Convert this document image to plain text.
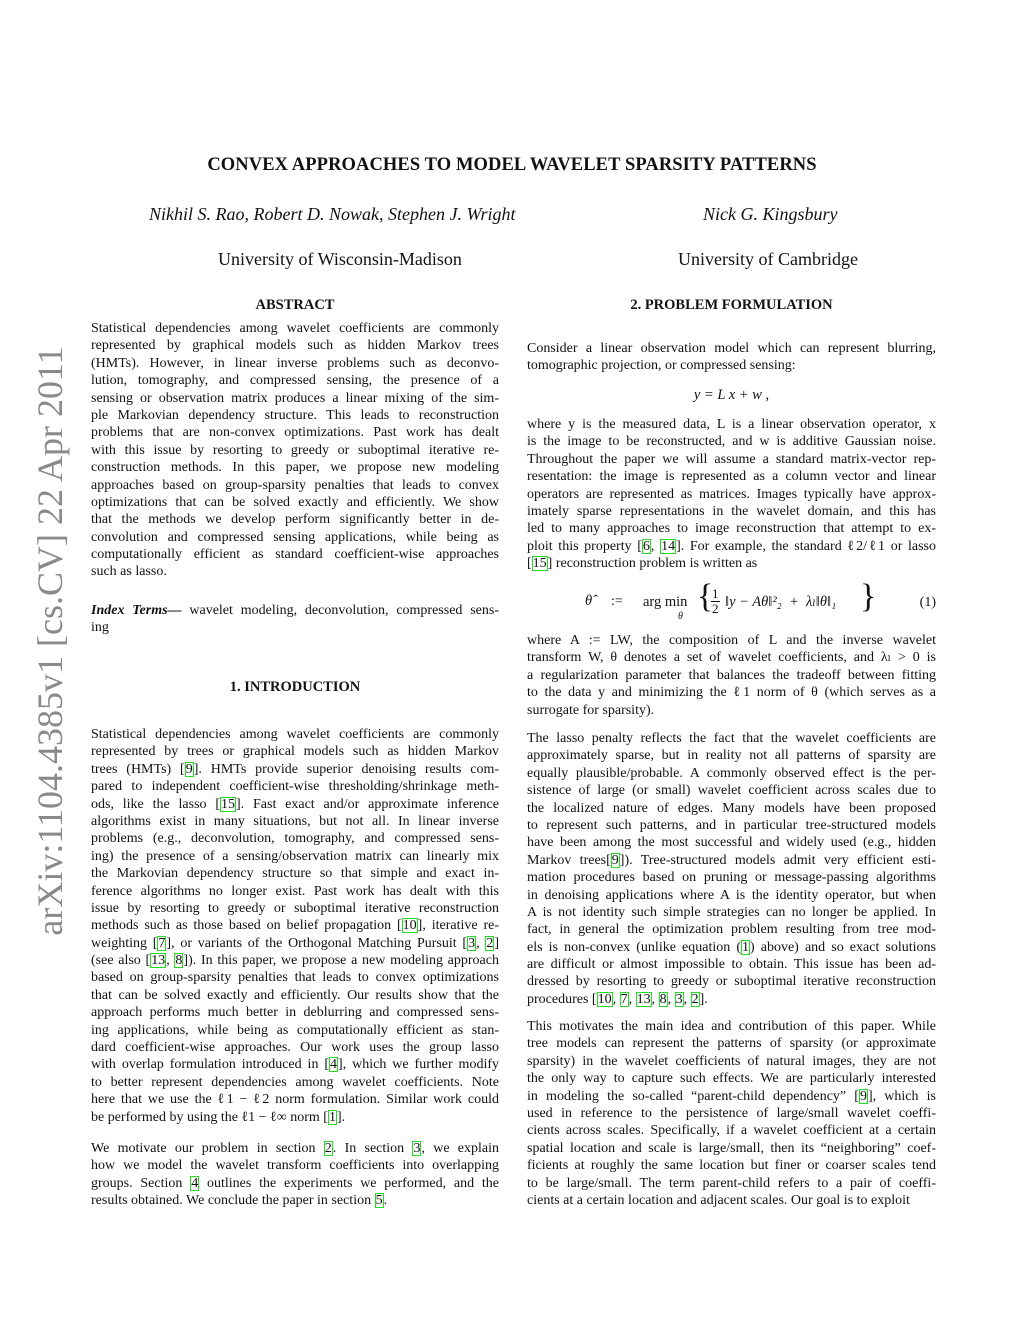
arXiv:1104.4385v1 [cs.CV] 22 Apr 2011
CONVEX APPROACHES TO MODEL WAVELET SPARSITY PATTERNS
Nikhil S. Rao, Robert D. Nowak, Stephen J. Wright	Nick G. Kingsbury
University of Wisconsin-Madison	University of Cambridge
ABSTRACT
Statistical dependencies among wavelet coefficients are commonly
represented by graphical models such as hidden Markov trees
(HMTs). However, in linear inverse problems such as deconvo-
lution, tomography, and compressed sensing, the presence of a
sensing or observation matrix produces a linear mixing of the sim-
ple Markovian dependency structure. This leads to reconstruction
problems that are non-convex optimizations. Past work has dealt
with this issue by resorting to greedy or suboptimal iterative re-
construction methods. In this paper, we propose new modeling
approaches based on group-sparsity penalties that leads to convex
optimizations that can be solved exactly and efficiently. We show
that the methods we develop perform significantly better in de-
convolution and compressed sensing applications, while being as
computationally efficient as standard coefficient-wise approaches
such as lasso.
Index Terms— wavelet modeling, deconvolution, compressed sens-
ing
1. INTRODUCTION
Statistical dependencies among wavelet coefficients are commonly
represented by trees or graphical models such as hidden Markov
trees (HMTs) [9]. HMTs provide superior denoising results com-
pared to independent coefficient-wise thresholding/shrinkage meth-
ods, like the lasso [15]. Fast exact and/or approximate inference
algorithms exist in many situations, but not all. In linear inverse
problems (e.g., deconvolution, tomography, and compressed sens-
ing) the presence of a sensing/observation matrix can linearly mix
the Markovian dependency structure so that simple and exact in-
ference algorithms no longer exist. Past work has dealt with this
issue by resorting to greedy or suboptimal iterative reconstruction
methods such as those based on belief propagation [10], iterative re-
weighting [7], or variants of the Orthogonal Matching Pursuit [3, 2]
(see also [13, 8]). In this paper, we propose a new modeling approach
based on group-sparsity penalties that leads to convex optimizations
that can be solved exactly and efficiently. Our results show that the
approach performs much better in deblurring and compressed sens-
ing applications, while being as computationally efficient as stan-
dard coefficient-wise approaches. Our work uses the group lasso
with overlap formulation introduced in [4], which we further modify
to better represent dependencies among wavelet coefficients. Note
here that we use the ℓ1 − ℓ2 norm formulation. Similar work could
be performed by using the ℓ1 − ℓ∞ norm [1].
We motivate our problem in section 2. In section 3, we explain
how we model the wavelet transform coefficients into overlapping
groups. Section 4 outlines the experiments we performed, and the
results obtained. We conclude the paper in section 5.
2. PROBLEM FORMULATION
Consider a linear observation model which can represent blurring,
tomographic projection, or compressed sensing:
y = L x + w ,
where y is the measured data, L is a linear observation operator, x
is the image to be reconstructed, and w is additive Gaussian noise.
Throughout the paper we will assume a standard matrix-vector rep-
resentation: the image is represented as a column vector and linear
operators are represented as matrices. Images typically have approx-
imately sparse representations in the wavelet domain, and this has
led to many approaches to image reconstruction that attempt to ex-
ploit this property [6, 14]. For example, the standard ℓ2/ℓ1 or lasso
[15] reconstruction problem is written as
θ̂ := arg min
θ
{
$\frac{1}{2}$ ‖y − Aθ‖²₂  +  λₗ‖θ‖₁ }	(1)
where A := LW, the composition of L and the inverse wavelet
transform W, θ denotes a set of wavelet coefficients, and λₗ > 0 is
a regularization parameter that balances the tradeoff between fitting
to the data y and minimizing the ℓ1 norm of θ (which serves as a
surrogate for sparsity).
The lasso penalty reflects the fact that the wavelet coefficients are
approximately sparse, but in reality not all patterns of sparsity are
equally plausible/probable. A commonly observed effect is the per-
sistence of large (or small) wavelet coefficient across scales due to
the localized nature of edges. Many models have been proposed
to represent such patterns, and in particular tree-structured models
have been among the most successful and widely used (e.g., hidden
Markov trees[9]). Tree-structured models admit very efficient esti-
mation procedures based on pruning or message-passing algorithms
in denoising applications where A is the identity operator, but when
A is not identity such simple strategies can no longer be applied. In
fact, in general the optimization problem resulting from tree mod-
els is non-convex (unlike equation (1) above) and so exact solutions
are difficult or almost impossible to obtain. This issue has been ad-
dressed by resorting to greedy or suboptimal iterative reconstruction
procedures [10, 7, 13, 8, 3, 2].
This motivates the main idea and contribution of this paper. While
tree models can represent the patterns of sparsity (or approximate
sparsity) in the wavelet coefficients of natural images, they are not
the only way to capture such effects. We are particularly interested
in modeling the so-called “parent-child dependency” [9], which is
used in reference to the persistence of large/small wavelet coeffi-
cients across scales. Specifically, if a wavelet coefficient at a certain
spatial location and scale is large/small, then its “neighboring” coef-
ficients at roughly the same location but finer or coarser scales tend
to be large/small. The term parent-child refers to a pair of coeffi-
cients at a certain location and adjacent scales. Our goal is to exploit
